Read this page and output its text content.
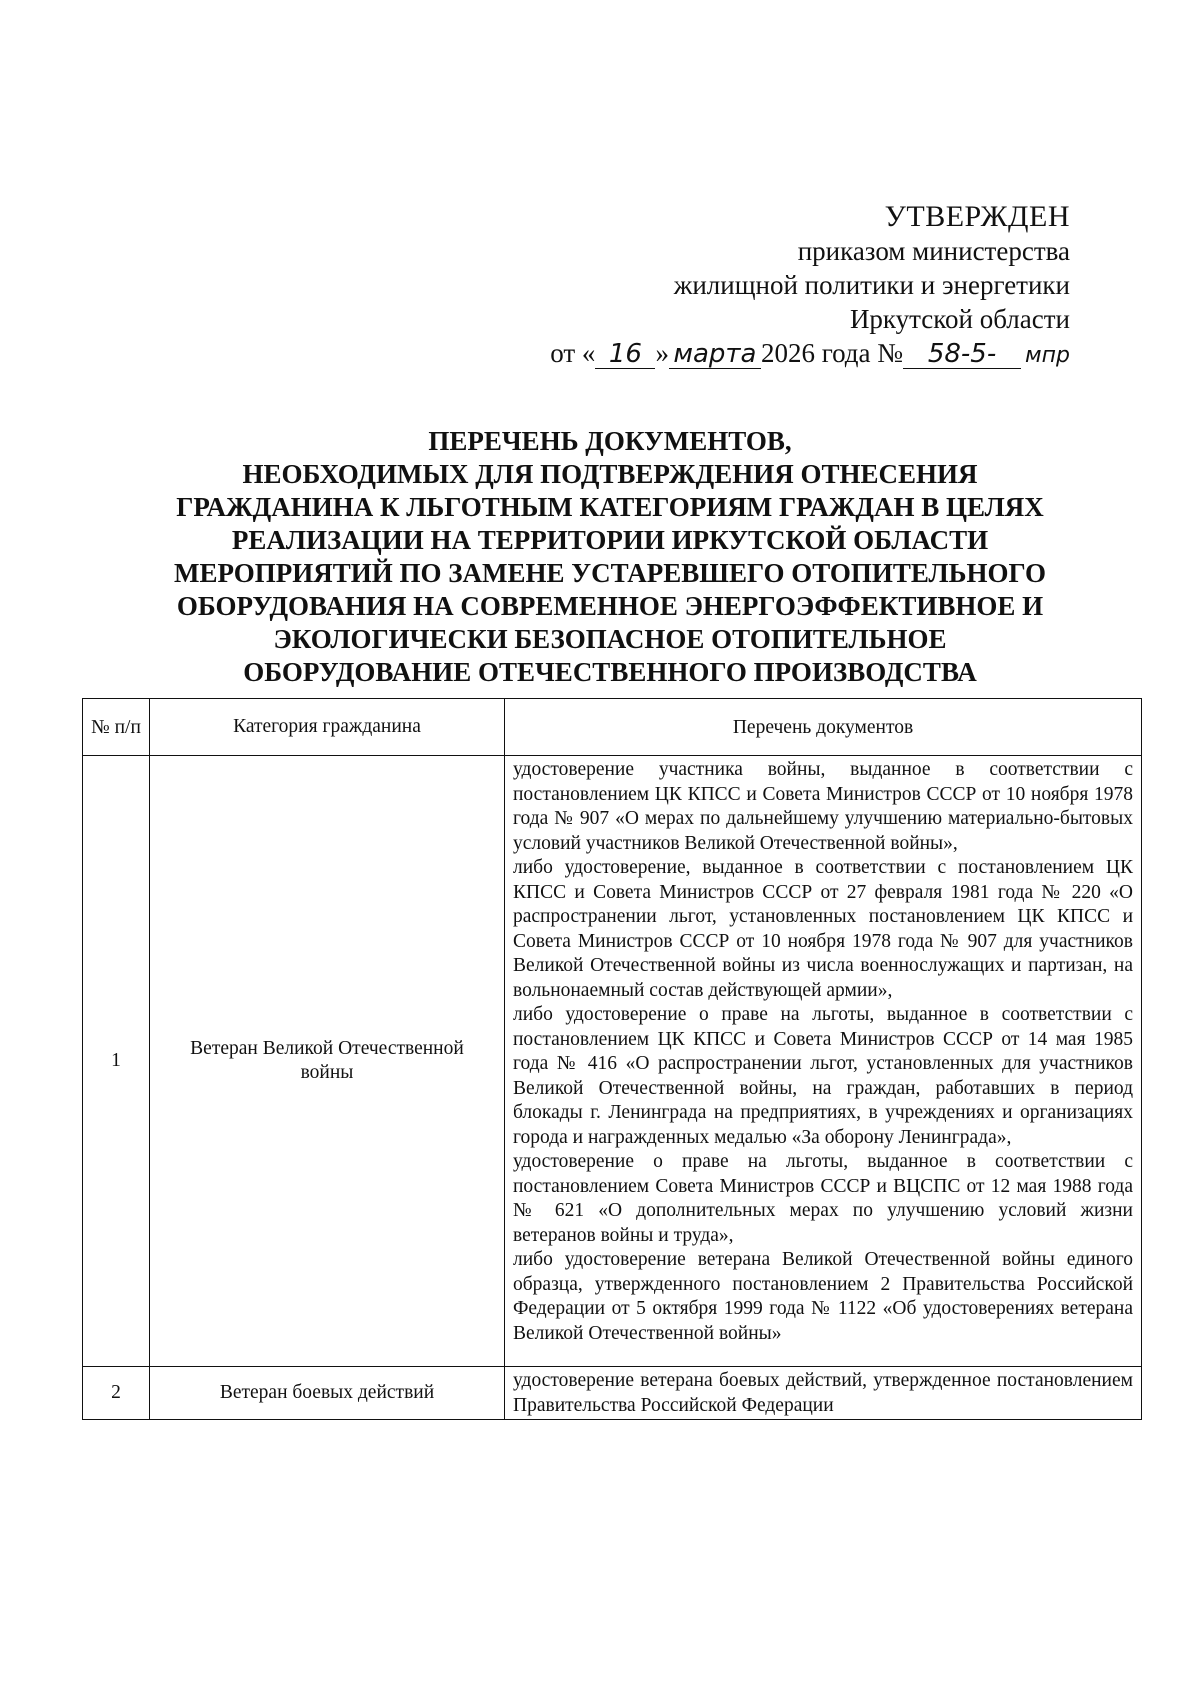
УТВЕРЖДЕН
приказом министерства
жилищной политики и энергетики
Иркутской области
от « 16 » марта 2026 года № 58-5- мпр
ПЕРЕЧЕНЬ ДОКУМЕНТОВ,
НЕОБХОДИМЫХ ДЛЯ ПОДТВЕРЖДЕНИЯ ОТНЕСЕНИЯ
ГРАЖДАНИНА К ЛЬГОТНЫМ КАТЕГОРИЯМ ГРАЖДАН В ЦЕЛЯХ
РЕАЛИЗАЦИИ НА ТЕРРИТОРИИ ИРКУТСКОЙ ОБЛАСТИ
МЕРОПРИЯТИЙ ПО ЗАМЕНЕ УСТАРЕВШЕГО ОТОПИТЕЛЬНОГО
ОБОРУДОВАНИЯ НА СОВРЕМЕННОЕ ЭНЕРГОЭФФЕКТИВНОЕ И
ЭКОЛОГИЧЕСКИ БЕЗОПАСНОЕ ОТОПИТЕЛЬНОЕ
ОБОРУДОВАНИЕ ОТЕЧЕСТВЕННОГО ПРОИЗВОДСТВА
№ п/п	Категория гражданина	Перечень документов
1	Ветеран Великой Отечественной войны	удостоверение участника войны, выданное в соответствии с постановлением ЦК КПСС и Совета Министров СССР от 10 ноября 1978 года № 907 «О мерах по дальнейшему улучшению материально-бытовых условий участников Великой Отечественной войны»,
либо удостоверение, выданное в соответствии с постановлением ЦК КПСС и Совета Министров СССР от 27 февраля 1981 года № 220 «О распространении льгот, установленных постановлением ЦК КПСС и Совета Министров СССР от 10 ноября 1978 года № 907 для участников Великой Отечественной войны из числа военнослужащих и партизан, на вольнонаемный состав действующей армии»,
либо удостоверение о праве на льготы, выданное в соответствии с постановлением ЦК КПСС и Совета Министров СССР от 14 мая 1985 года № 416 «О распространении льгот, установленных для участников Великой Отечественной войны, на граждан, работавших в период блокады г. Ленинграда на предприятиях, в учреждениях и организациях города и награжденных медалью «За оборону Ленинграда»,
удостоверение о праве на льготы, выданное в соответствии с постановлением Совета Министров СССР и ВЦСПС от 12 мая 1988 года № 621 «О дополнительных мерах по улучшению условий жизни ветеранов войны и труда»,
либо удостоверение ветерана Великой Отечественной войны единого образца, утвержденного постановлением 2 Правительства Российской Федерации от 5 октября 1999 года № 1122 «Об удостоверениях ветерана Великой Отечественной войны»

2	Ветеран боевых действий	удостоверение ветерана боевых действий, утвержденное постановлением Правительства Российской Федерации
